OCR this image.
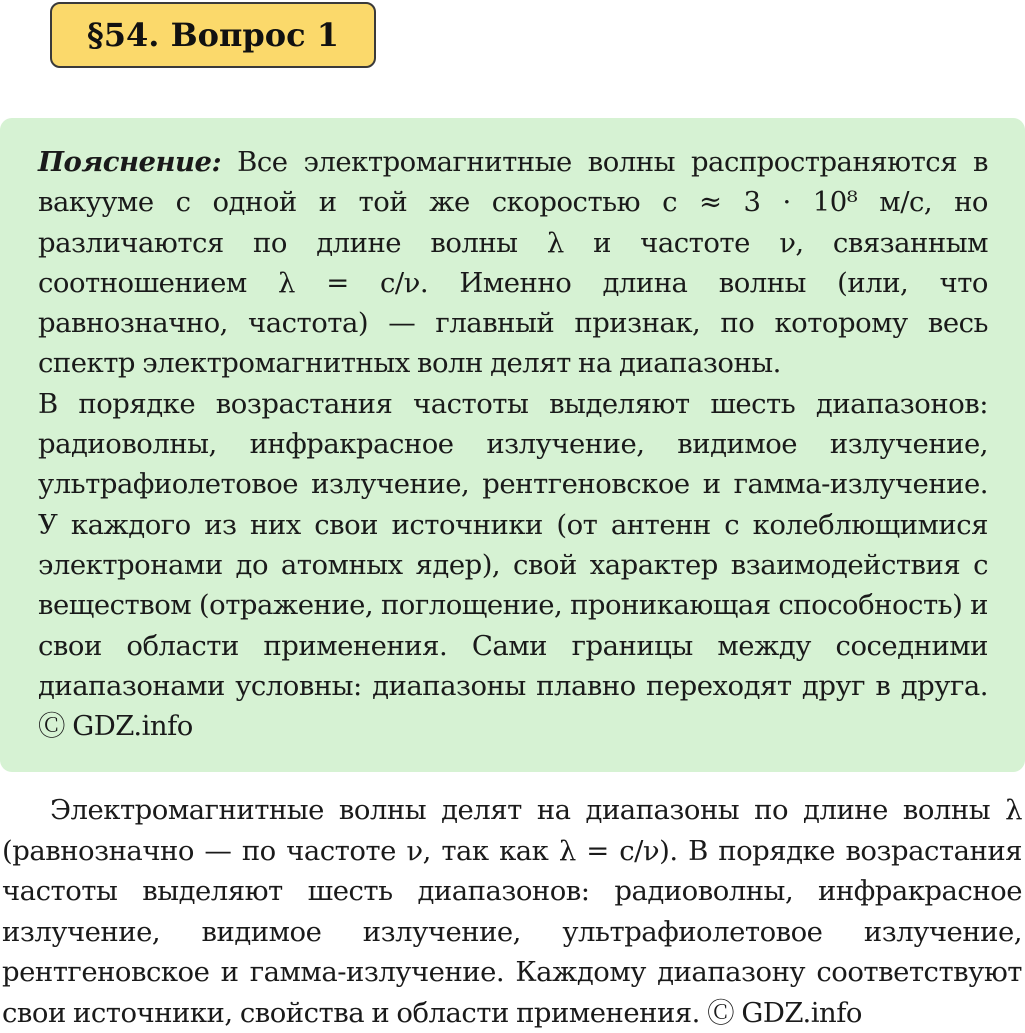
§54. Вопрос 1

Пояснение: Все электромагнитные волны распространяются в вакууме с одной и той же скоростью c ≈ 3 · 10⁸ м/с, но различаются по длине волны λ и частоте ν, связанным соотношением λ = c/ν. Именно длина волны (или, что равнозначно, частота) — главный признак, по которому весь спектр электромагнитных волн делят на диапазоны.

В порядке возрастания частоты выделяют шесть диапазонов: радиоволны, инфракрасное излучение, видимое излучение, ультрафиолетовое излучение, рентгеновское и гамма-излучение. У каждого из них свои источники (от антенн с колеблющимися электронами до атомных ядер), свой характер взаимодействия с веществом (отражение, поглощение, проникающая способность) и свои области применения. Сами границы между соседними диапазонами условны: диапазоны плавно переходят друг в друга. Ⓒ GDZ.info

Электромагнитные волны делят на диапазоны по длине волны λ (равнозначно — по частоте ν, так как λ = c/ν). В порядке возрастания частоты выделяют шесть диапазонов: радиоволны, инфракрасное излучение, видимое излучение, ультрафиолетовое излучение, рентгеновское и гамма-излучение. Каждому диапазону соответствуют свои источники, свойства и области применения. Ⓒ GDZ.info
